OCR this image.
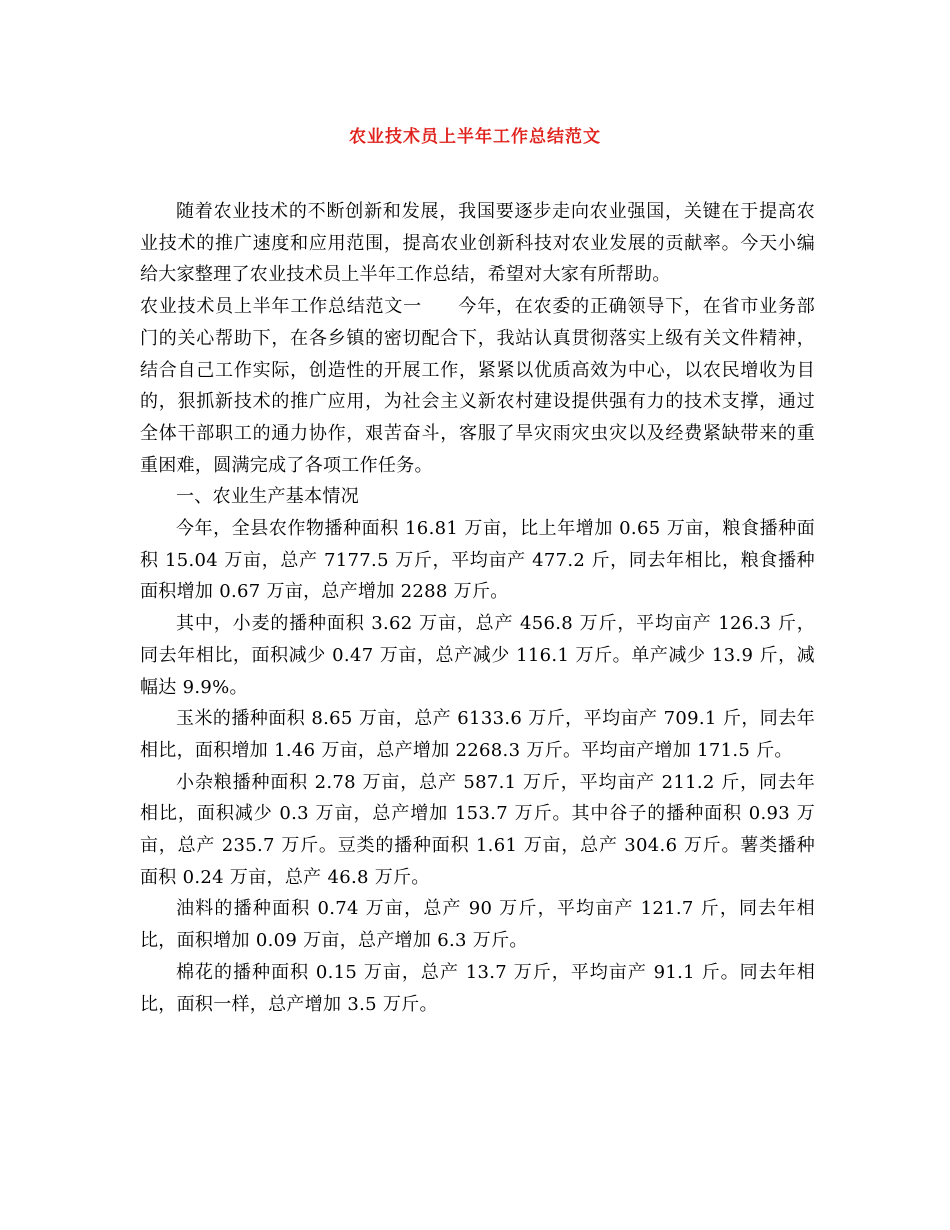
农业技术员上半年工作总结范文

随着农业技术的不断创新和发展，我国要逐步走向农业强国，关键在于提高农业技术的推广速度和应用范围，提高农业创新科技对农业发展的贡献率。今天小编给大家整理了农业技术员上半年工作总结，希望对大家有所帮助。

农业技术员上半年工作总结范文一 今年，在农委的正确领导下，在省市业务部门的关心帮助下，在各乡镇的密切配合下，我站认真贯彻落实上级有关文件精神，结合自己工作实际，创造性的开展工作，紧紧以优质高效为中心，以农民增收为目的，狠抓新技术的推广应用，为社会主义新农村建设提供强有力的技术支撑，通过全体干部职工的通力协作，艰苦奋斗，客服了旱灾雨灾虫灾以及经费紧缺带来的重重困难，圆满完成了各项工作任务。

一、农业生产基本情况

今年，全县农作物播种面积 16.81 万亩，比上年增加 0.65 万亩，粮食播种面积 15.04 万亩，总产 7177.5 万斤，平均亩产 477.2 斤，同去年相比，粮食播种面积增加 0.67 万亩，总产增加 2288 万斤。

其中，小麦的播种面积 3.62 万亩，总产 456.8 万斤，平均亩产 126.3 斤，同去年相比，面积减少 0.47 万亩，总产减少 116.1 万斤。单产减少 13.9 斤，减幅达 9.9%。

玉米的播种面积 8.65 万亩，总产 6133.6 万斤，平均亩产 709.1 斤，同去年相比，面积增加 1.46 万亩，总产增加 2268.3 万斤。平均亩产增加 171.5 斤。

小杂粮播种面积 2.78 万亩，总产 587.1 万斤，平均亩产 211.2 斤，同去年相比，面积减少 0.3 万亩，总产增加 153.7 万斤。其中谷子的播种面积 0.93 万亩，总产 235.7 万斤。豆类的播种面积 1.61 万亩，总产 304.6 万斤。薯类播种面积 0.24 万亩，总产 46.8 万斤。

油料的播种面积 0.74 万亩，总产 90 万斤，平均亩产 121.7 斤，同去年相比，面积增加 0.09 万亩，总产增加 6.3 万斤。

棉花的播种面积 0.15 万亩，总产 13.7 万斤，平均亩产 91.1 斤。同去年相比，面积一样，总产增加 3.5 万斤。
